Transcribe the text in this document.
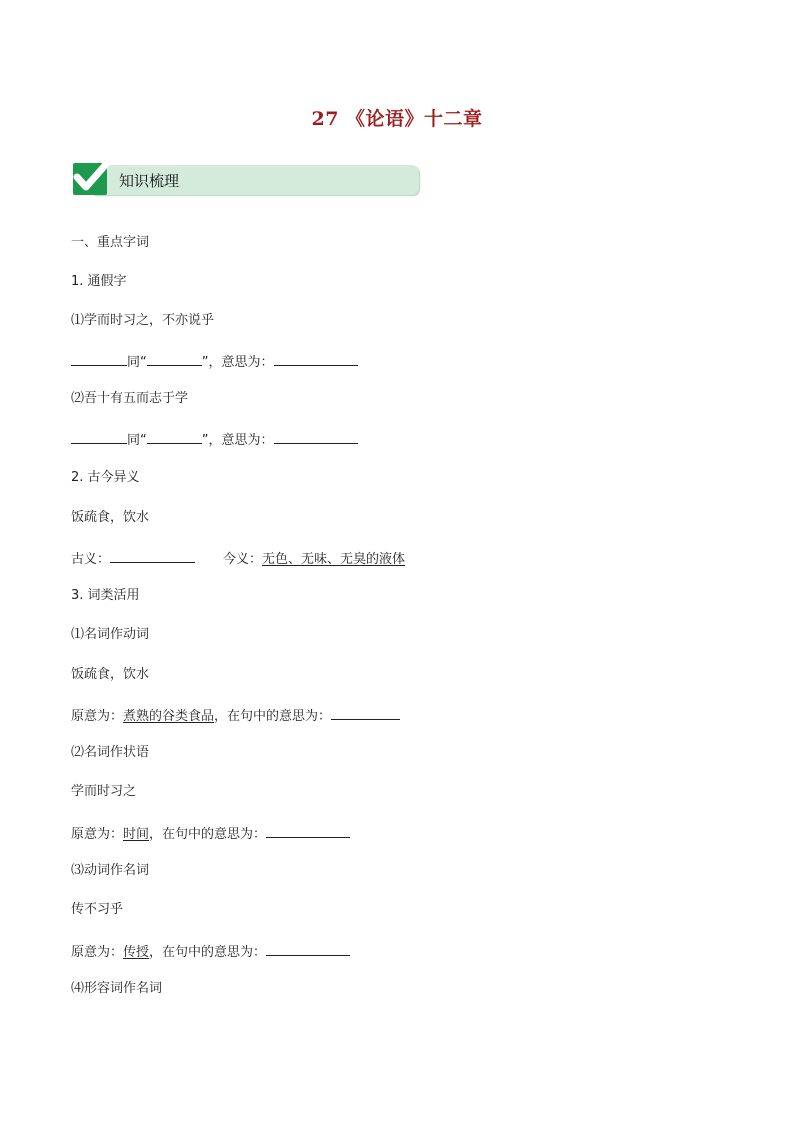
27 《论语》十二章
知识梳理
一、重点字词
1. 通假字
⑴学而时习之，不亦说乎
同“	”，意思为：
⑵吾十有五而志于学
同“	”，意思为：
2. 古今异义
饭疏食，饮水
古义：	今义：无色、无味、无臭的液体
3. 词类活用
⑴名词作动词
饭疏食，饮水
原意为：煮熟的谷类食品，在句中的意思为：
⑵名词作状语
学而时习之
原意为：时间，在句中的意思为：
⑶动词作名词
传不习乎
原意为：传授，在句中的意思为：
⑷形容词作名词
